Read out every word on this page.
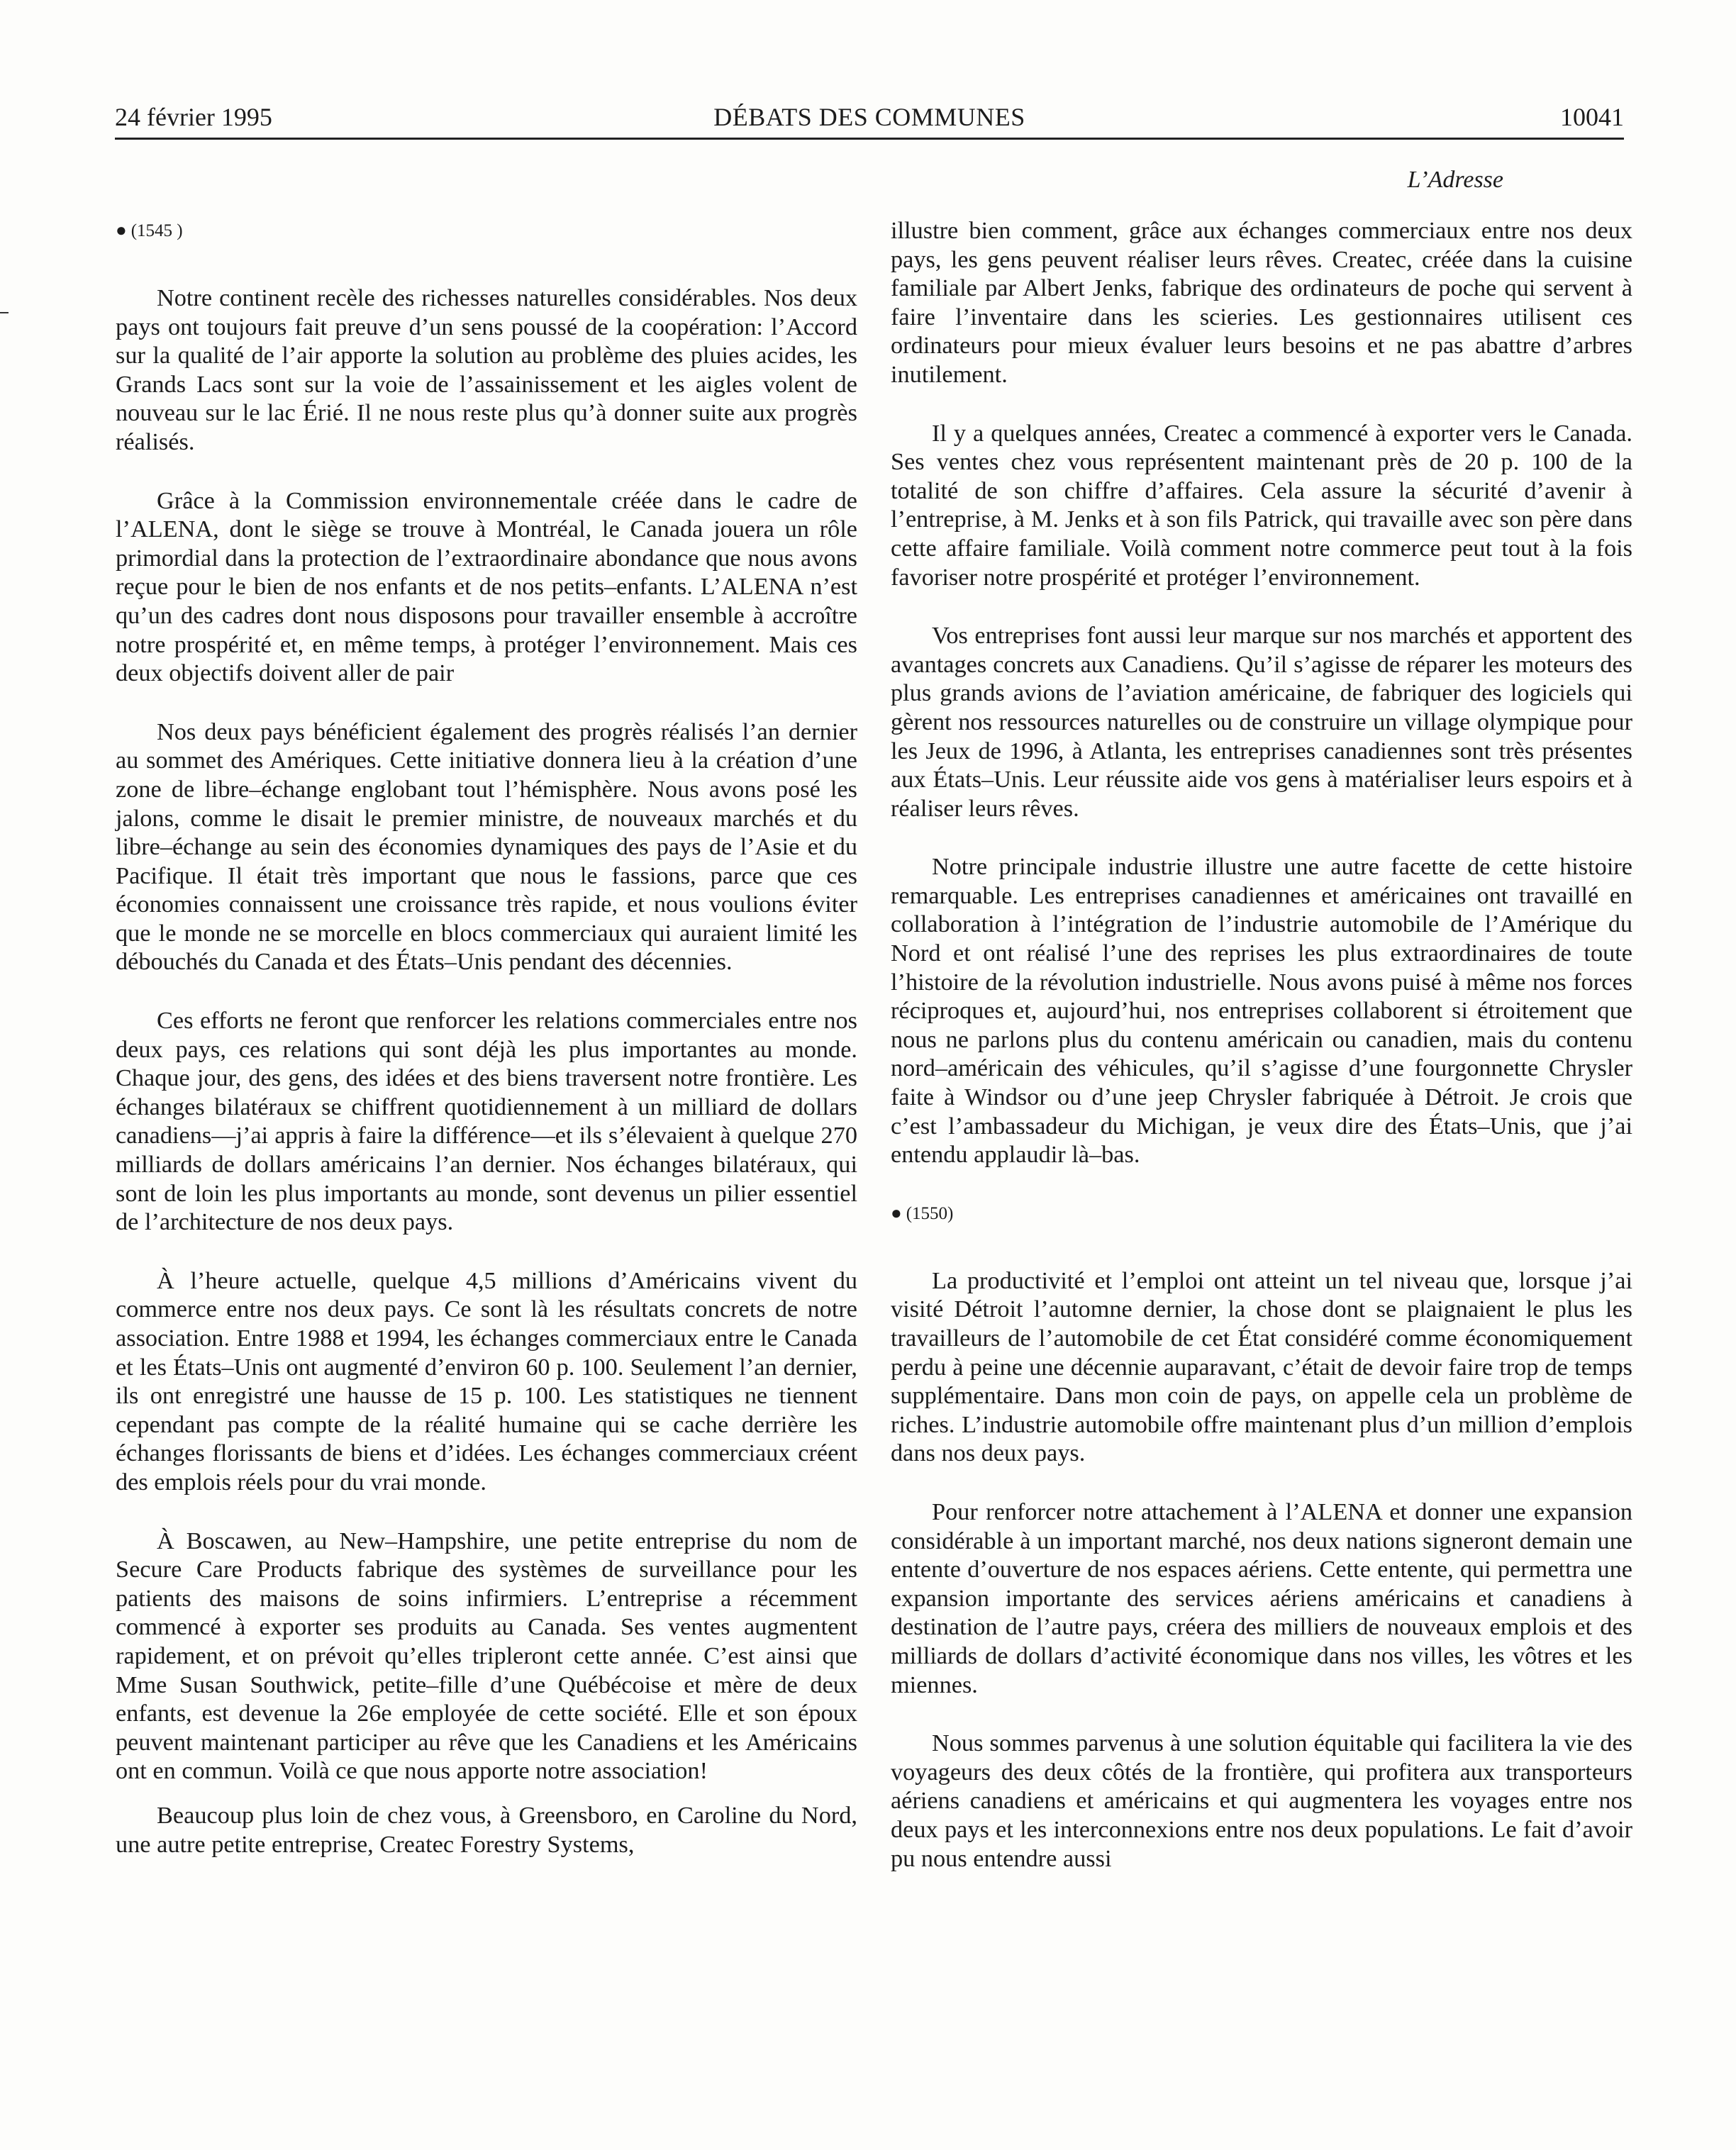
24 février 1995	DÉBATS DES COMMUNES	10041
L’Adresse
● (1545 )

Notre continent recèle des richesses naturelles considérables. Nos deux pays ont toujours fait preuve d’un sens poussé de la coopération: l’Accord sur la qualité de l’air apporte la solution au problème des pluies acides, les Grands Lacs sont sur la voie de l’assainissement et les aigles volent de nouveau sur le lac Érié. Il ne nous reste plus qu’à donner suite aux progrès réalisés.

Grâce à la Commission environnementale créée dans le cadre de l’ALENA, dont le siège se trouve à Montréal, le Canada jouera un rôle primordial dans la protection de l’extraordinaire abondance que nous avons reçue pour le bien de nos enfants et de nos petits–enfants. L’ALENA n’est qu’un des cadres dont nous disposons pour travailler ensemble à accroître notre prospérité et, en même temps, à protéger l’environnement. Mais ces deux objectifs doivent aller de pair

Nos deux pays bénéficient également des progrès réalisés l’an dernier au sommet des Amériques. Cette initiative donnera lieu à la création d’une zone de libre–échange englobant tout l’hémisphère. Nous avons posé les jalons, comme le disait le premier ministre, de nouveaux marchés et du libre–échange au sein des économies dynamiques des pays de l’Asie et du Pacifique. Il était très important que nous le fassions, parce que ces économies connaissent une croissance très rapide, et nous voulions éviter que le monde ne se morcelle en blocs commerciaux qui auraient limité les débouchés du Canada et des États–Unis pendant des décennies.

Ces efforts ne feront que renforcer les relations commerciales entre nos deux pays, ces relations qui sont déjà les plus importantes au monde. Chaque jour, des gens, des idées et des biens traversent notre frontière. Les échanges bilatéraux se chiffrent quotidiennement à un milliard de dollars canadiens—j’ai appris à faire la différence—et ils s’élevaient à quelque 270 milliards de dollars américains l’an dernier. Nos échanges bilatéraux, qui sont de loin les plus importants au monde, sont devenus un pilier essentiel de l’architecture de nos deux pays.

À l’heure actuelle, quelque 4,5 millions d’Américains vivent du commerce entre nos deux pays. Ce sont là les résultats concrets de notre association. Entre 1988 et 1994, les échanges commerciaux entre le Canada et les États–Unis ont augmenté d’environ 60 p. 100. Seulement l’an dernier, ils ont enregistré une hausse de 15 p. 100. Les statistiques ne tiennent cependant pas compte de la réalité humaine qui se cache derrière les échanges florissants de biens et d’idées. Les échanges commerciaux créent des emplois réels pour du vrai monde.

À Boscawen, au New–Hampshire, une petite entreprise du nom de Secure Care Products fabrique des systèmes de surveillance pour les patients des maisons de soins infirmiers. L’entreprise a récemment commencé à exporter ses produits au Canada. Ses ventes augmentent rapidement, et on prévoit qu’elles tripleront cette année. C’est ainsi que Mme Susan Southwick, petite–fille d’une Québécoise et mère de deux enfants, est devenue la 26e employée de cette société. Elle et son époux peuvent maintenant participer au rêve que les Canadiens et les Américains ont en commun. Voilà ce que nous apporte notre association!

Beaucoup plus loin de chez vous, à Greensboro, en Caroline du Nord, une autre petite entreprise, Createc Forestry Systems,

illustre bien comment, grâce aux échanges commerciaux entre nos deux pays, les gens peuvent réaliser leurs rêves. Createc, créée dans la cuisine familiale par Albert Jenks, fabrique des ordinateurs de poche qui servent à faire l’inventaire dans les scieries. Les gestionnaires utilisent ces ordinateurs pour mieux évaluer leurs besoins et ne pas abattre d’arbres inutilement.

Il y a quelques années, Createc a commencé à exporter vers le Canada. Ses ventes chez vous représentent maintenant près de 20 p. 100 de la totalité de son chiffre d’affaires. Cela assure la sécurité d’avenir à l’entreprise, à M. Jenks et à son fils Patrick, qui travaille avec son père dans cette affaire familiale. Voilà comment notre commerce peut tout à la fois favoriser notre prospérité et protéger l’environnement.

Vos entreprises font aussi leur marque sur nos marchés et apportent des avantages concrets aux Canadiens. Qu’il s’agisse de réparer les moteurs des plus grands avions de l’aviation américaine, de fabriquer des logiciels qui gèrent nos ressources naturelles ou de construire un village olympique pour les Jeux de 1996, à Atlanta, les entreprises canadiennes sont très présentes aux États–Unis. Leur réussite aide vos gens à matérialiser leurs espoirs et à réaliser leurs rêves.

Notre principale industrie illustre une autre facette de cette histoire remarquable. Les entreprises canadiennes et américaines ont travaillé en collaboration à l’intégration de l’industrie automobile de l’Amérique du Nord et ont réalisé l’une des reprises les plus extraordinaires de toute l’histoire de la révolution industrielle. Nous avons puisé à même nos forces réciproques et, aujourd’hui, nos entreprises collaborent si étroitement que nous ne parlons plus du contenu américain ou canadien, mais du contenu nord–américain des véhicules, qu’il s’agisse d’une fourgonnette Chrysler faite à Windsor ou d’une jeep Chrysler fabriquée à Détroit. Je crois que c’est l’ambassadeur du Michigan, je veux dire des États–Unis, que j’ai entendu applaudir là–bas.

● (1550)

La productivité et l’emploi ont atteint un tel niveau que, lorsque j’ai visité Détroit l’automne dernier, la chose dont se plaignaient le plus les travailleurs de l’automobile de cet État considéré comme économiquement perdu à peine une décennie auparavant, c’était de devoir faire trop de temps supplémentaire. Dans mon coin de pays, on appelle cela un problème de riches. L’industrie automobile offre maintenant plus d’un million d’emplois dans nos deux pays.

Pour renforcer notre attachement à l’ALENA et donner une expansion considérable à un important marché, nos deux nations signeront demain une entente d’ouverture de nos espaces aériens. Cette entente, qui permettra une expansion importante des services aériens américains et canadiens à destination de l’autre pays, créera des milliers de nouveaux emplois et des milliards de dollars d’activité économique dans nos villes, les vôtres et les miennes.

Nous sommes parvenus à une solution équitable qui facilitera la vie des voyageurs des deux côtés de la frontière, qui profitera aux transporteurs aériens canadiens et américains et qui augmentera les voyages entre nos deux pays et les interconnexions entre nos deux populations. Le fait d’avoir pu nous entendre aussi
